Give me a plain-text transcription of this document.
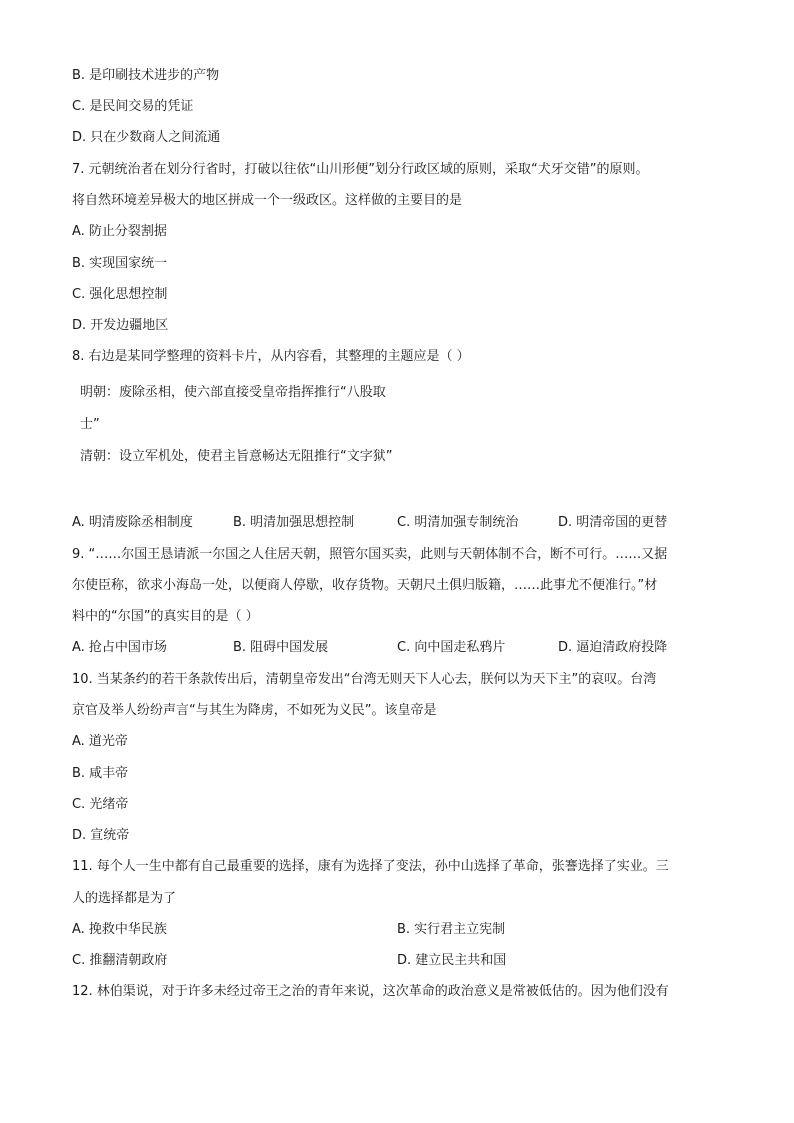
B. 是印刷技术进步的产物
C. 是民间交易的凭证
D. 只在少数商人之间流通
7. 元朝统治者在划分行省时，打破以往依“山川形便”划分行政区域的原则，采取“犬牙交错”的原则。
将自然环境差异极大的地区拼成一个一级政区。这样做的主要目的是
A. 防止分裂割据
B. 实现国家统一
C. 强化思想控制
D. 开发边疆地区
8. 右边是某同学整理的资料卡片，从内容看，其整理的主题应是（ ）
明朝：废除丞相，使六部直接受皇帝指挥推行“八股取
士”
清朝：设立军机处，使君主旨意畅达无阻推行“文字狱”
A. 明清废除丞相制度	B. 明清加强思想控制	C. 明清加强专制统治	D. 明清帝国的更替
9. “……尔国王恳请派一尔国之人住居天朝，照管尔国买卖，此则与天朝体制不合，断不可行。……又据
尔使臣称，欲求小海岛一处，以便商人停歇，收存货物。天朝尺土俱归版籍，……此事尤不便准行。”材
料中的“尔国”的真实目的是（ ）
A. 抢占中国市场	B. 阻碍中国发展	C. 向中国走私鸦片	D. 逼迫清政府投降
10. 当某条约的若干条款传出后，清朝皇帝发出“台湾无则天下人心去，朕何以为天下主”的哀叹。台湾
京官及举人纷纷声言“与其生为降虏，不如死为义民”。该皇帝是
A. 道光帝
B. 咸丰帝
C. 光绪帝
D. 宣统帝
11. 每个人一生中都有自己最重要的选择，康有为选择了变法，孙中山选择了革命，张謇选择了实业。三
人的选择都是为了
A. 挽救中华民族	B. 实行君主立宪制
C. 推翻清朝政府	D. 建立民主共和国
12. 林伯渠说，对于许多未经过帝王之治的青年来说，这次革命的政治意义是常被低估的。因为他们没有
